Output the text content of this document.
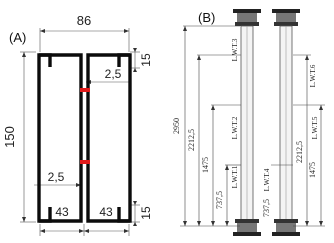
(A)
86
150
15
15
2,5
2,5
43	43
(B)
2950
2212,5
1475
737,5
L.W.T.3
L.W.T.2
L.W.T.1
L.W.T.6
2212,5
L.W.T.5
1475
L.W.T.4
737,5
